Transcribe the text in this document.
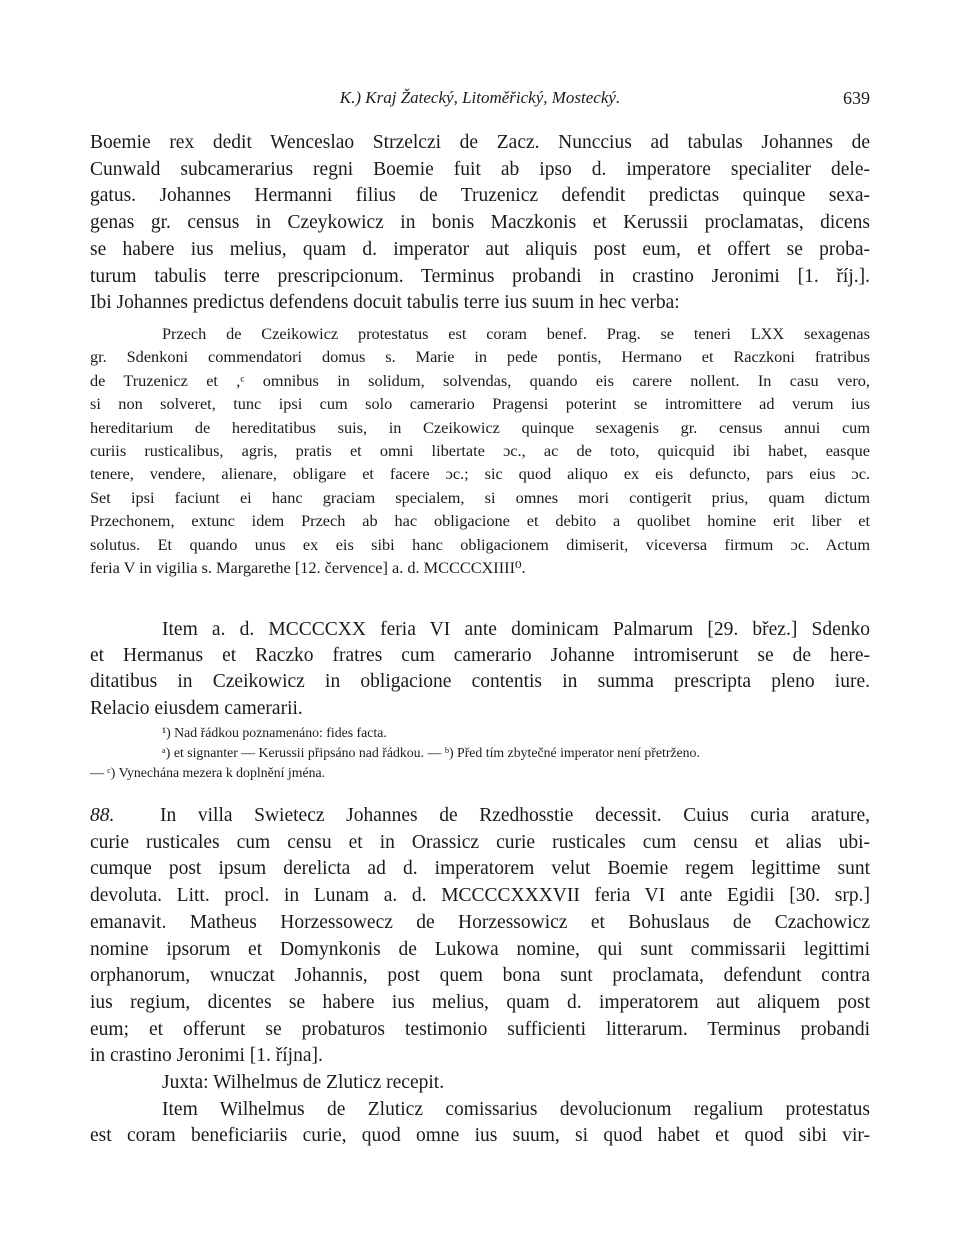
K.) Kraj Žatecký, Litoměřický, Mostecký.	639
Boemie rex dedit Wenceslao Strzelczi de Zacz. Nunccius ad tabulas Johannes de
Cunwald subcamerarius regni Boemie fuit ab ipso d. imperatore specialiter dele-
gatus. Johannes Hermanni filius de Truzenicz defendit predictas quinque sexa-
genas gr. census in Czeykowicz in bonis Maczkonis et Kerussii proclamatas, dicens
se habere ius melius, quam d. imperator aut aliquis post eum, et offert se proba-
turum tabulis terre prescripcionum. Terminus probandi in crastino Jeronimi [1. říj.].
Ibi Johannes predictus defendens docuit tabulis terre ius suum in hec verba:
Przech de Czeikowicz protestatus est coram benef. Prag. se teneri LXX sexagenas
gr. Sdenkoni commendatori domus s. Marie in pede pontis, Hermano et Raczkoni fratribus
de Truzenicz et ,ᶜ omnibus in solidum, solvendas, quando eis carere nollent. In casu vero,
si non solveret, tunc ipsi cum solo camerario Pragensi poterint se intromittere ad verum ius
hereditarium de hereditatibus suis, in Czeikowicz quinque sexagenis gr. census annui cum
curiis rusticalibus, agris, pratis et omni libertate ɔc., ac de toto, quicquid ibi habet, easque
tenere, vendere, alienare, obligare et facere ɔc.; sic quod aliquo ex eis defuncto, pars eius ɔc.
Set ipsi faciunt ei hanc graciam specialem, si omnes mori contigerit prius, quam dictum
Przechonem, extunc idem Przech ab hac obligacione et debito a quolibet homine erit liber et
solutus. Et quando unus ex eis sibi hanc obligacionem dimiserit, viceversa firmum ɔc. Actum
feria V in vigilia s. Margarethe [12. července] a. d. MCCCCXIIII⁰.
Item a. d. MCCCCXX feria VI ante dominicam Palmarum [29. břez.] Sdenko
et Hermanus et Raczko fratres cum camerario Johanne intromiserunt se de here-
ditatibus in Czeikowicz in obligacione contentis in summa prescripta pleno iure.
Relacio eiusdem camerarii.
¹) Nad řádkou poznamenáno: fides facta.
ᵃ) et signanter — Kerussii připsáno nad řádkou. — ᵇ) Před tím zbytečné imperator není přetrženo.
— ᶜ) Vynechána mezera k doplnění jména.
88. In villa Swietecz Johannes de Rzedhosstie decessit. Cuius curia arature,
curie rusticales cum censu et in Orassicz curie rusticales cum censu et alias ubi-
cumque post ipsum derelicta ad d. imperatorem velut Boemie regem legittime sunt
devoluta. Litt. procl. in Lunam a. d. MCCCCXXXVII feria VI ante Egidii [30. srp.]
emanavit. Matheus Horzessowecz de Horzessowicz et Bohuslaus de Czachowicz
nomine ipsorum et Domynkonis de Lukowa nomine, qui sunt commissarii legittimi
orphanorum, wnuczat Johannis, post quem bona sunt proclamata, defendunt contra
ius regium, dicentes se habere ius melius, quam d. imperatorem aut aliquem post
eum; et offerunt se probaturos testimonio sufficienti litterarum. Terminus probandi
in crastino Jeronimi [1. října].
Juxta: Wilhelmus de Zluticz recepit.
Item Wilhelmus de Zluticz comissarius devolucionum regalium protestatus
est coram beneficiariis curie, quod omne ius suum, si quod habet et quod sibi vir-
